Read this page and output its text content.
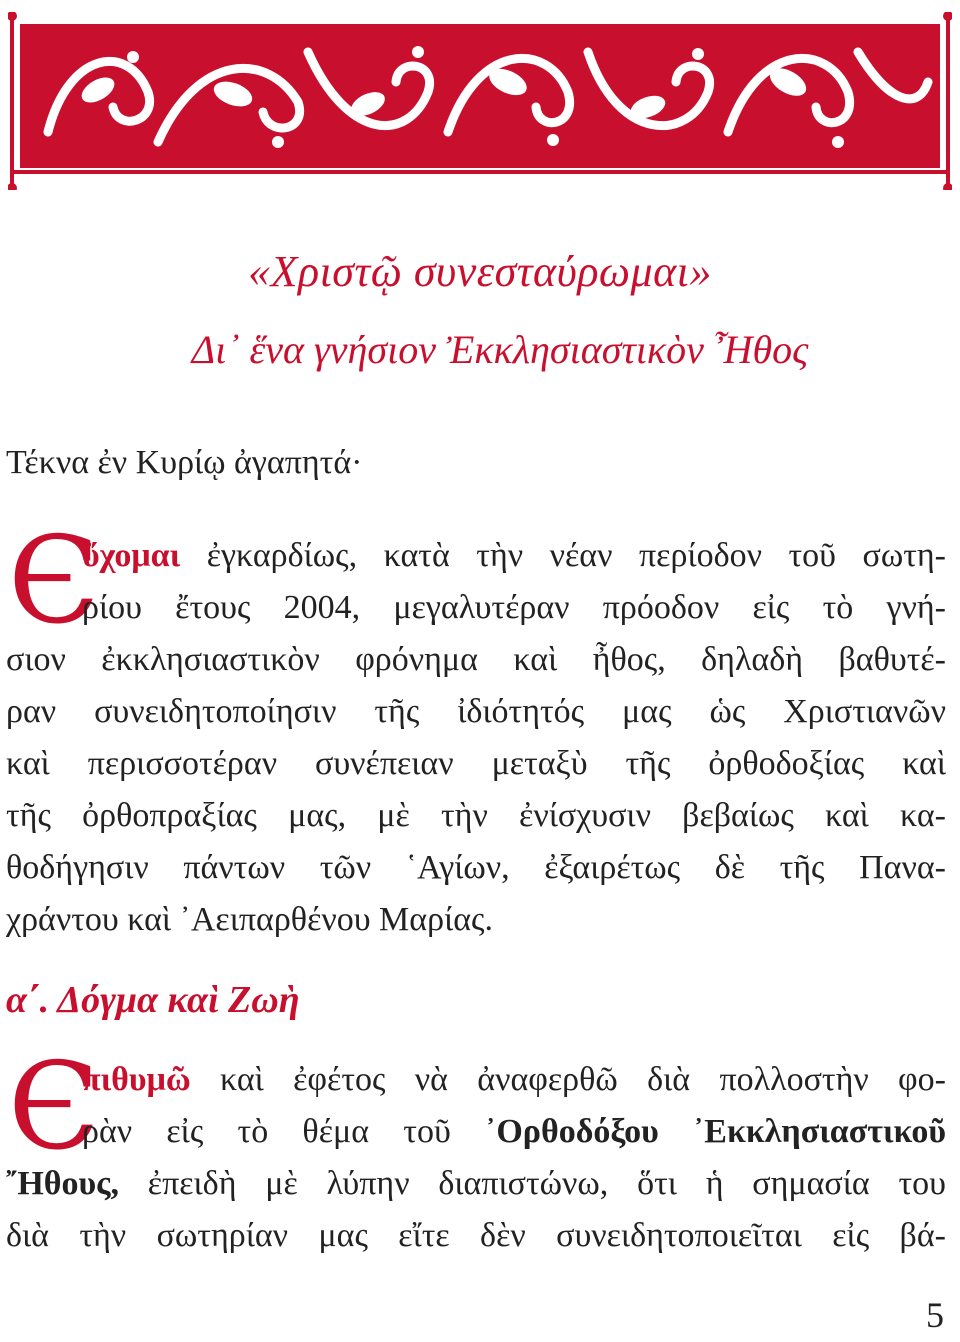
«Χριστῷ συνεσταύρωμαι»
Δι᾽ ἕνα γνήσιον Ἐκκλησιαστικὸν Ἦθος
Τέκνα ἐν Κυρίῳ ἀγαπητά·
Є
ὔχομαι ἐγκαρδίως, κατὰ τὴν νέαν περίοδον τοῦ σωτη-
ρίου ἔτους 2004, μεγαλυτέραν πρόοδον εἰς τὸ γνή-
σιον ἐκκλησιαστικὸν φρόνημα καὶ ἦθος, δηλαδὴ βαθυτέ-
ραν συνειδητοποίησιν τῆς ἰδιότητός μας ὡς Χριστιανῶν
καὶ περισσοτέραν συνέπειαν μεταξὺ τῆς ὀρθοδοξίας καὶ
τῆς ὀρθοπραξίας μας, μὲ τὴν ἐνίσχυσιν βεβαίως καὶ κα-
θοδήγησιν πάντων τῶν ῾Αγίων, ἐξαιρέτως δὲ τῆς Πανα-
χράντου καὶ ᾿Αειπαρθένου Μαρίας.
α΄. Δόγμα καὶ Ζωὴ
Є
πιθυμῶ καὶ ἐφέτος νὰ ἀναφερθῶ διὰ πολλοστὴν φο-
ρὰν εἰς τὸ θέμα τοῦ ᾿Ορθοδόξου ᾿Εκκλησιαστικοῦ
῎Ηθους, ἐπειδὴ μὲ λύπην διαπιστώνω, ὅτι ἡ σημασία του
διὰ τὴν σωτηρίαν μας εἴτε δὲν συνειδητοποιεῖται εἰς βά-
5
